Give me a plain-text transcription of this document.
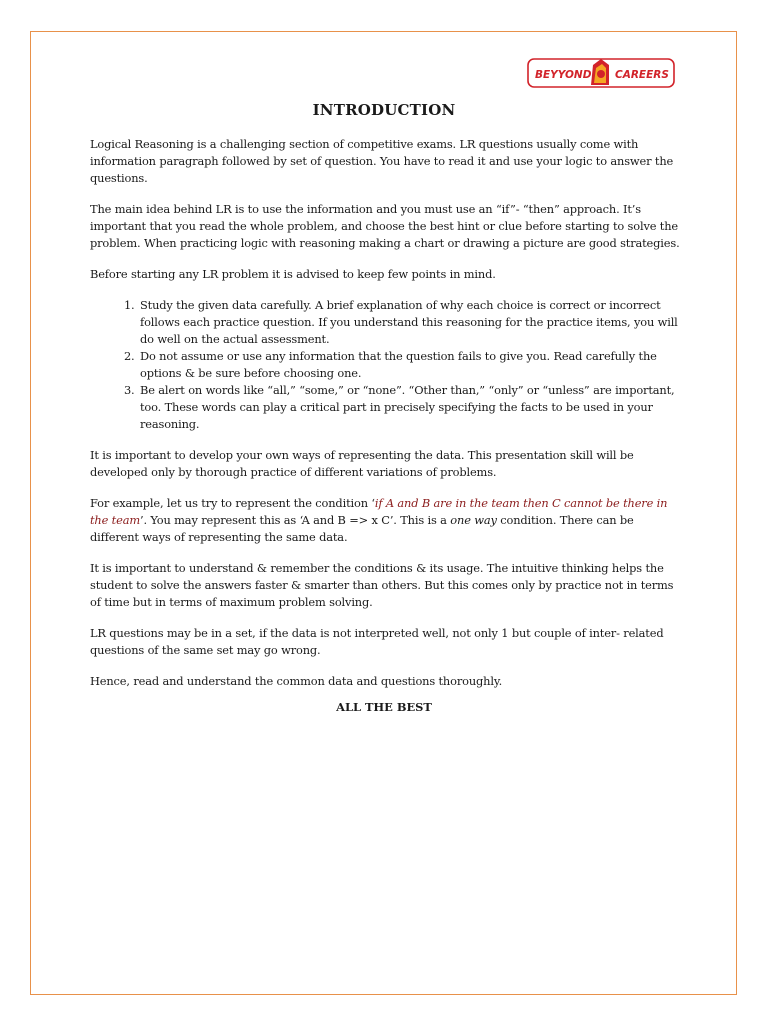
BEYYOND CAREERS
INTRODUCTION

Logical Reasoning is a challenging section of competitive exams. LR questions usually come with information paragraph followed by set of question. You have to read it and use your logic to answer the questions.

The main idea behind LR is to use the information and you must use an “if”- “then” approach. It’s important that you read the whole problem, and choose the best hint or clue before starting to solve the problem. When practicing logic with reasoning making a chart or drawing a picture are good strategies.

Before starting any LR problem it is advised to keep few points in mind.

1. Study the given data carefully. A brief explanation of why each choice is correct or incorrect follows each practice question. If you understand this reasoning for the practice items, you will do well on the actual assessment.
2. Do not assume or use any information that the question fails to give you. Read carefully the options & be sure before choosing one.
3. Be alert on words like “all,” “some,” or “none”. “Other than,” “only” or “unless” are important, too. These words can play a critical part in precisely specifying the facts to be used in your reasoning.

It is important to develop your own ways of representing the data. This presentation skill will be developed only by thorough practice of different variations of problems.

For example, let us try to represent the condition ‘if A and B are in the team then C cannot be there in the team’. You may represent this as ‘A and B => x C’. This is a one way condition. There can be different ways of representing the same data.

It is important to understand & remember the conditions & its usage. The intuitive thinking helps the student to solve the answers faster & smarter than others. But this comes only by practice not in terms of time but in terms of maximum problem solving.

LR questions may be in a set, if the data is not interpreted well, not only 1 but couple of inter- related questions of the same set may go wrong.

Hence, read and understand the common data and questions thoroughly.

ALL THE BEST
